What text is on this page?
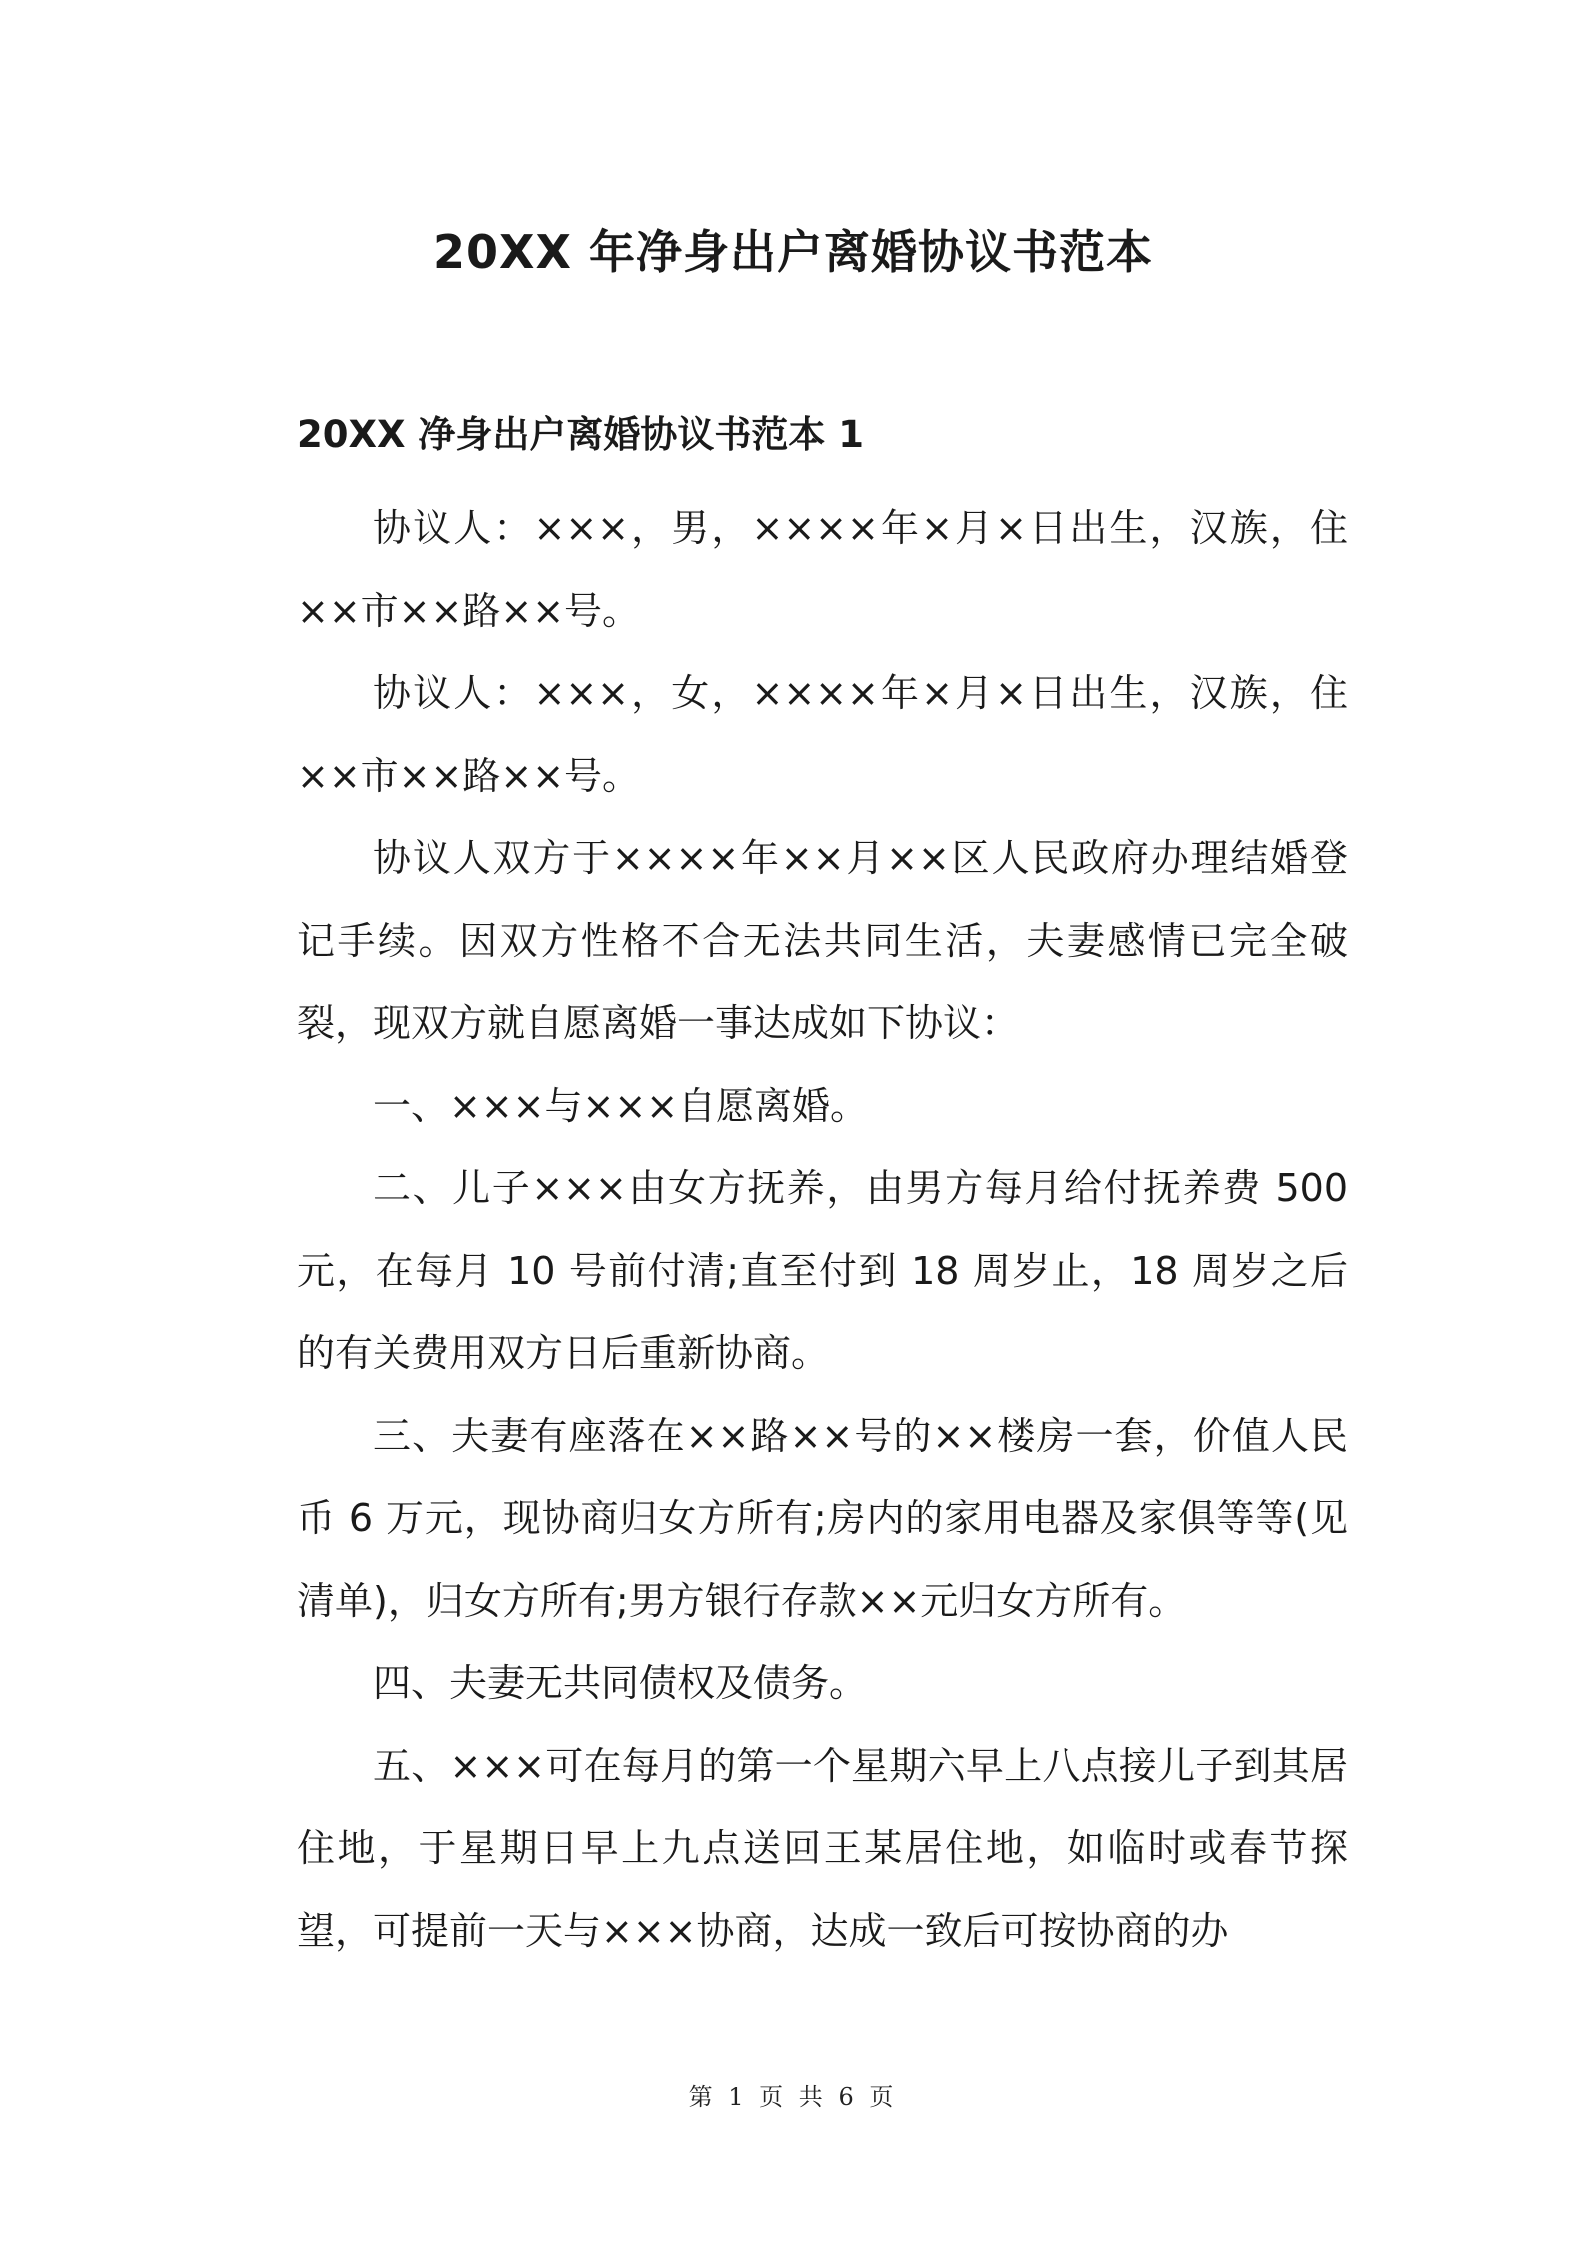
20XX 年净身出户离婚协议书范本
20XX 净身出户离婚协议书范本 1

协议人：×××，男，××××年×月×日出生，汉族，住××市××路××号。

协议人：×××，女，××××年×月×日出生，汉族，住××市××路××号。

协议人双方于××××年××月××区人民政府办理结婚登记手续。因双方性格不合无法共同生活，夫妻感情已完全破裂，现双方就自愿离婚一事达成如下协议：

一、×××与×××自愿离婚。

二、儿子×××由女方抚养，由男方每月给付抚养费 500 元，在每月 10 号前付清;直至付到 18 周岁止，18 周岁之后的有关费用双方日后重新协商。

三、夫妻有座落在××路××号的××楼房一套，价值人民币 6 万元，现协商归女方所有;房内的家用电器及家俱等等(见清单)，归女方所有;男方银行存款××元归女方所有。

四、夫妻无共同债权及债务。

五、×××可在每月的第一个星期六早上八点接儿子到其居住地，于星期日早上九点送回王某居住地，如临时或春节探望，可提前一天与×××协商，达成一致后可按协商的办

第 1 页 共 6 页
